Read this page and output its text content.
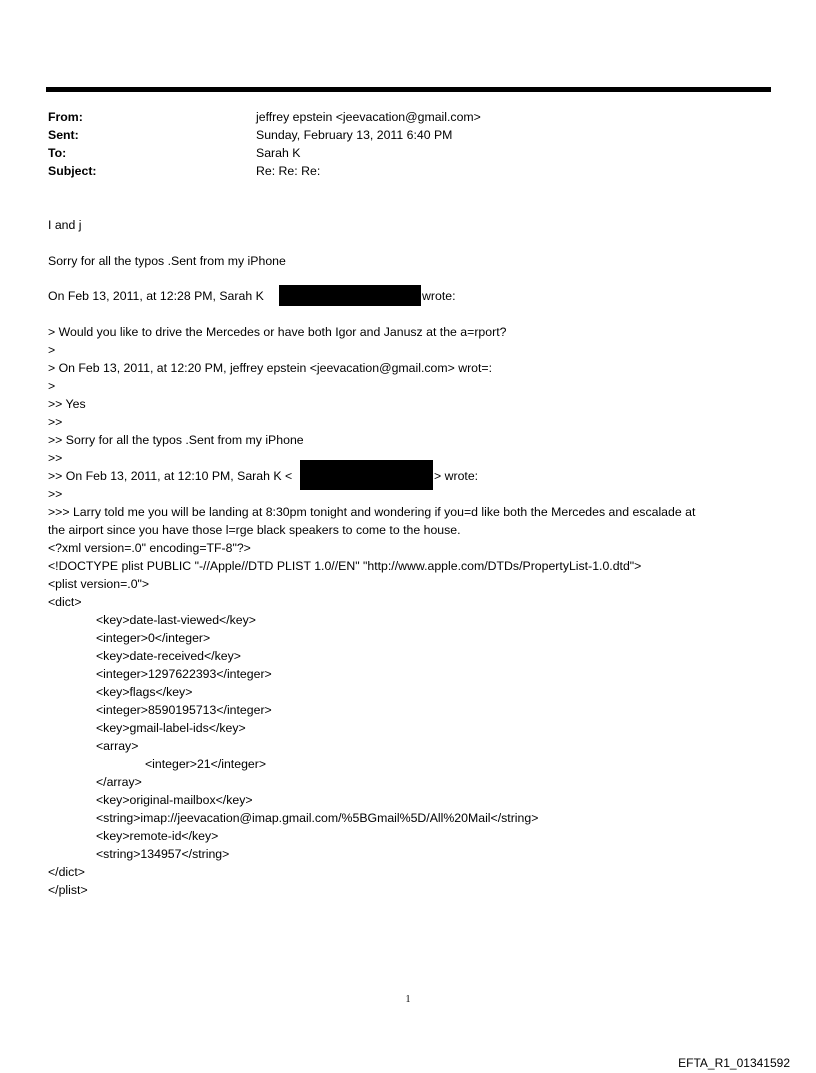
From:	jeffrey epstein <jeevacation@gmail.com>
Sent:	Sunday, February 13, 2011 6:40 PM
To:	Sarah K
Subject:	Re: Re: Re:
I and j
Sorry for all the typos .Sent from my iPhone
On Feb 13, 2011, at 12:28 PM, Sarah K	wrote:
> Would you like to drive the Mercedes or have both Igor and Janusz at the a=rport?
>
> On Feb 13, 2011, at 12:20 PM, jeffrey epstein <jeevacation@gmail.com> wrot=:
>
>> Yes
>>
>> Sorry for all the typos .Sent from my iPhone
>>
>> On Feb 13, 2011, at 12:10 PM, Sarah K <	> wrote:
>>
>>> Larry told me you will be landing at 8:30pm tonight and wondering if you=d like both the Mercedes and escalade at
the airport since you have those l=rge black speakers to come to the house.
<?xml version=.0" encoding=TF-8"?>
<!DOCTYPE plist PUBLIC "-//Apple//DTD PLIST 1.0//EN" "http://www.apple.com/DTDs/PropertyList-1.0.dtd">
<plist version=.0">
<dict>
<key>date-last-viewed</key>
<integer>0</integer>
<key>date-received</key>
<integer>1297622393</integer>
<key>flags</key>
<integer>8590195713</integer>
<key>gmail-label-ids</key>
<array>
<integer>21</integer>
</array>
<key>original-mailbox</key>
<string>imap://jeevacation@imap.gmail.com/%5BGmail%5D/All%20Mail</string>
<key>remote-id</key>
<string>134957</string>
</dict>
</plist>
1
EFTA_R1_01341592
